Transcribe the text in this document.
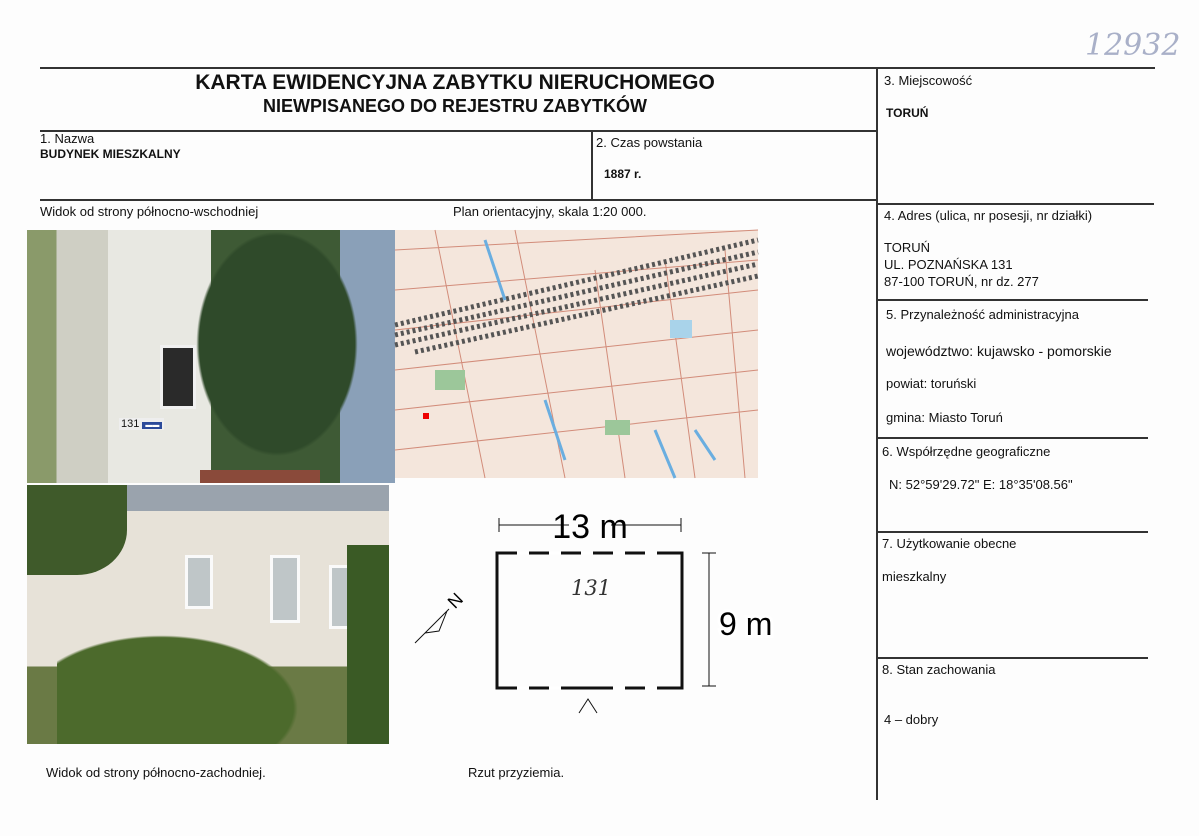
12932
KARTA EWIDENCYJNA ZABYTKU NIERUCHOMEGO
NIEWPISANEGO DO REJESTRU ZABYTKÓW
1. Nazwa
BUDYNEK MIESZKALNY
2. Czas powstania
1887 r.
3. Miejscowość
TORUŃ
4. Adres (ulica, nr posesji, nr działki)
TORUŃ
UL. POZNAŃSKA 131
87-100 TORUŃ, nr dz. 277
5. Przynależność administracyjna
województwo: kujawsko - pomorskie
powiat: toruński
gmina: Miasto Toruń
6. Współrzędne geograficzne
N: 52°59'29.72" E: 18°35'08.56"
7. Użytkowanie obecne
mieszkalny
8. Stan zachowania
4 – dobry
Widok od strony północno-wschodniej	Plan orientacyjny, skala 1:20 000.
Widok od strony północno-zachodniej.	Rzut przyziemia.
131 ▬▬
13 m
9 m
131
N
